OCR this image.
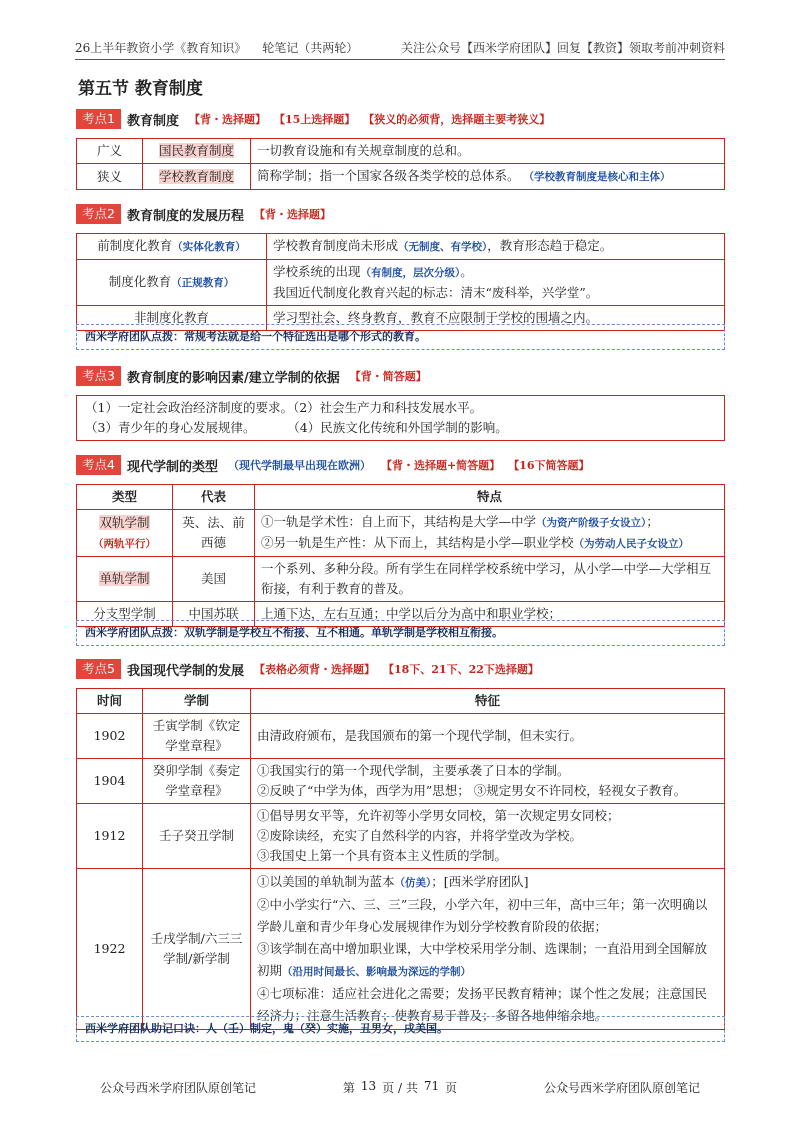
26上半年教资小学《教育知识》 轮笔记（共两轮）	关注公众号【西米学府团队】回复【教资】领取考前冲刺资料
第五节 教育制度
考点1 教育制度 【背・选择题】 【15上选择题】 【狭义的必须背，选择题主要考狭义】
广义	国民教育制度	一切教育设施和有关规章制度的总和。
狭义	学校教育制度	简称学制；指一个国家各级各类学校的总体系。 （学校教育制度是核心和主体）
考点2 教育制度的发展历程 【背・选择题】
前制度化教育（实体化教育）	学校教育制度尚未形成（无制度、有学校），教育形态趋于稳定。
制度化教育（正规教育）	学校系统的出现（有制度，层次分级）。
我国近代制度化教育兴起的标志：清末“废科举，兴学堂”。
非制度化教育	学习型社会、终身教育，教育不应限制于学校的围墙之内。
西米学府团队点拨：常规考法就是给一个特征选出是哪个形式的教育。
考点3 教育制度的影响因素/建立学制的依据 【背・简答题】
（1）一定社会政治经济制度的要求。（2）社会生产力和科技发展水平。
（3）青少年的身心发展规律。        （4）民族文化传统和外国学制的影响。
考点4 现代学制的类型 （现代学制最早出现在欧洲） 【背・选择题+简答题】 【16下简答题】
类型	代表	特点
双轨学制
（两轨平行）	英、法、前西德	①一轨是学术性：自上而下，其结构是大学—中学（为资产阶级子女设立）；
②另一轨是生产性：从下而上，其结构是小学—职业学校（为劳动人民子女设立）
单轨学制	美国	一个系列、多种分段。所有学生在同样学校系统中学习，从小学—中学—大学相互衔接，有利于教育的普及。
分支型学制	中国苏联	上通下达，左右互通；中学以后分为高中和职业学校；
西米学府团队点拨：双轨学制是学校互不衔接、互不相通。单轨学制是学校相互衔接。
考点5 我国现代学制的发展 【表格必须背・选择题】 【18下、21下、22下选择题】
时间	学制	特征
1902	壬寅学制《钦定学堂章程》	由清政府颁布，是我国颁布的第一个现代学制，但未实行。
1904	癸卯学制《奏定学堂章程》	①我国实行的第一个现代学制，主要承袭了日本的学制。
②反映了“中学为体，西学为用”思想； ③规定男女不许同校，轻视女子教育。
1912	壬子癸丑学制	①倡导男女平等，允许初等小学男女同校，第一次规定男女同校；
②废除读经，充实了自然科学的内容，并将学堂改为学校。
③我国史上第一个具有资本主义性质的学制。
1922	壬戌学制/六三三学制/新学制	①以美国的单轨制为蓝本（仿美）；[西米学府团队]
②中小学实行“六、三、三”三段，小学六年，初中三年，高中三年；第一次明确以学龄儿童和青少年身心发展规律作为划分学校教育阶段的依据；
③该学制在高中增加职业课，大中学校采用学分制、选课制；一直沿用到全国解放初期（沿用时间最长、影响最为深远的学制）
④七项标准：适应社会进化之需要；发扬平民教育精神；谋个性之发展；注意国民经济力；注意生活教育；使教育易于普及；多留各地伸缩余地。
西米学府团队助记口诀：人（壬）制定，鬼（癸）实施，丑男女，戌美国。
公众号西米学府团队原创笔记	第 13 页 / 共 71 页	公众号西米学府团队原创笔记
